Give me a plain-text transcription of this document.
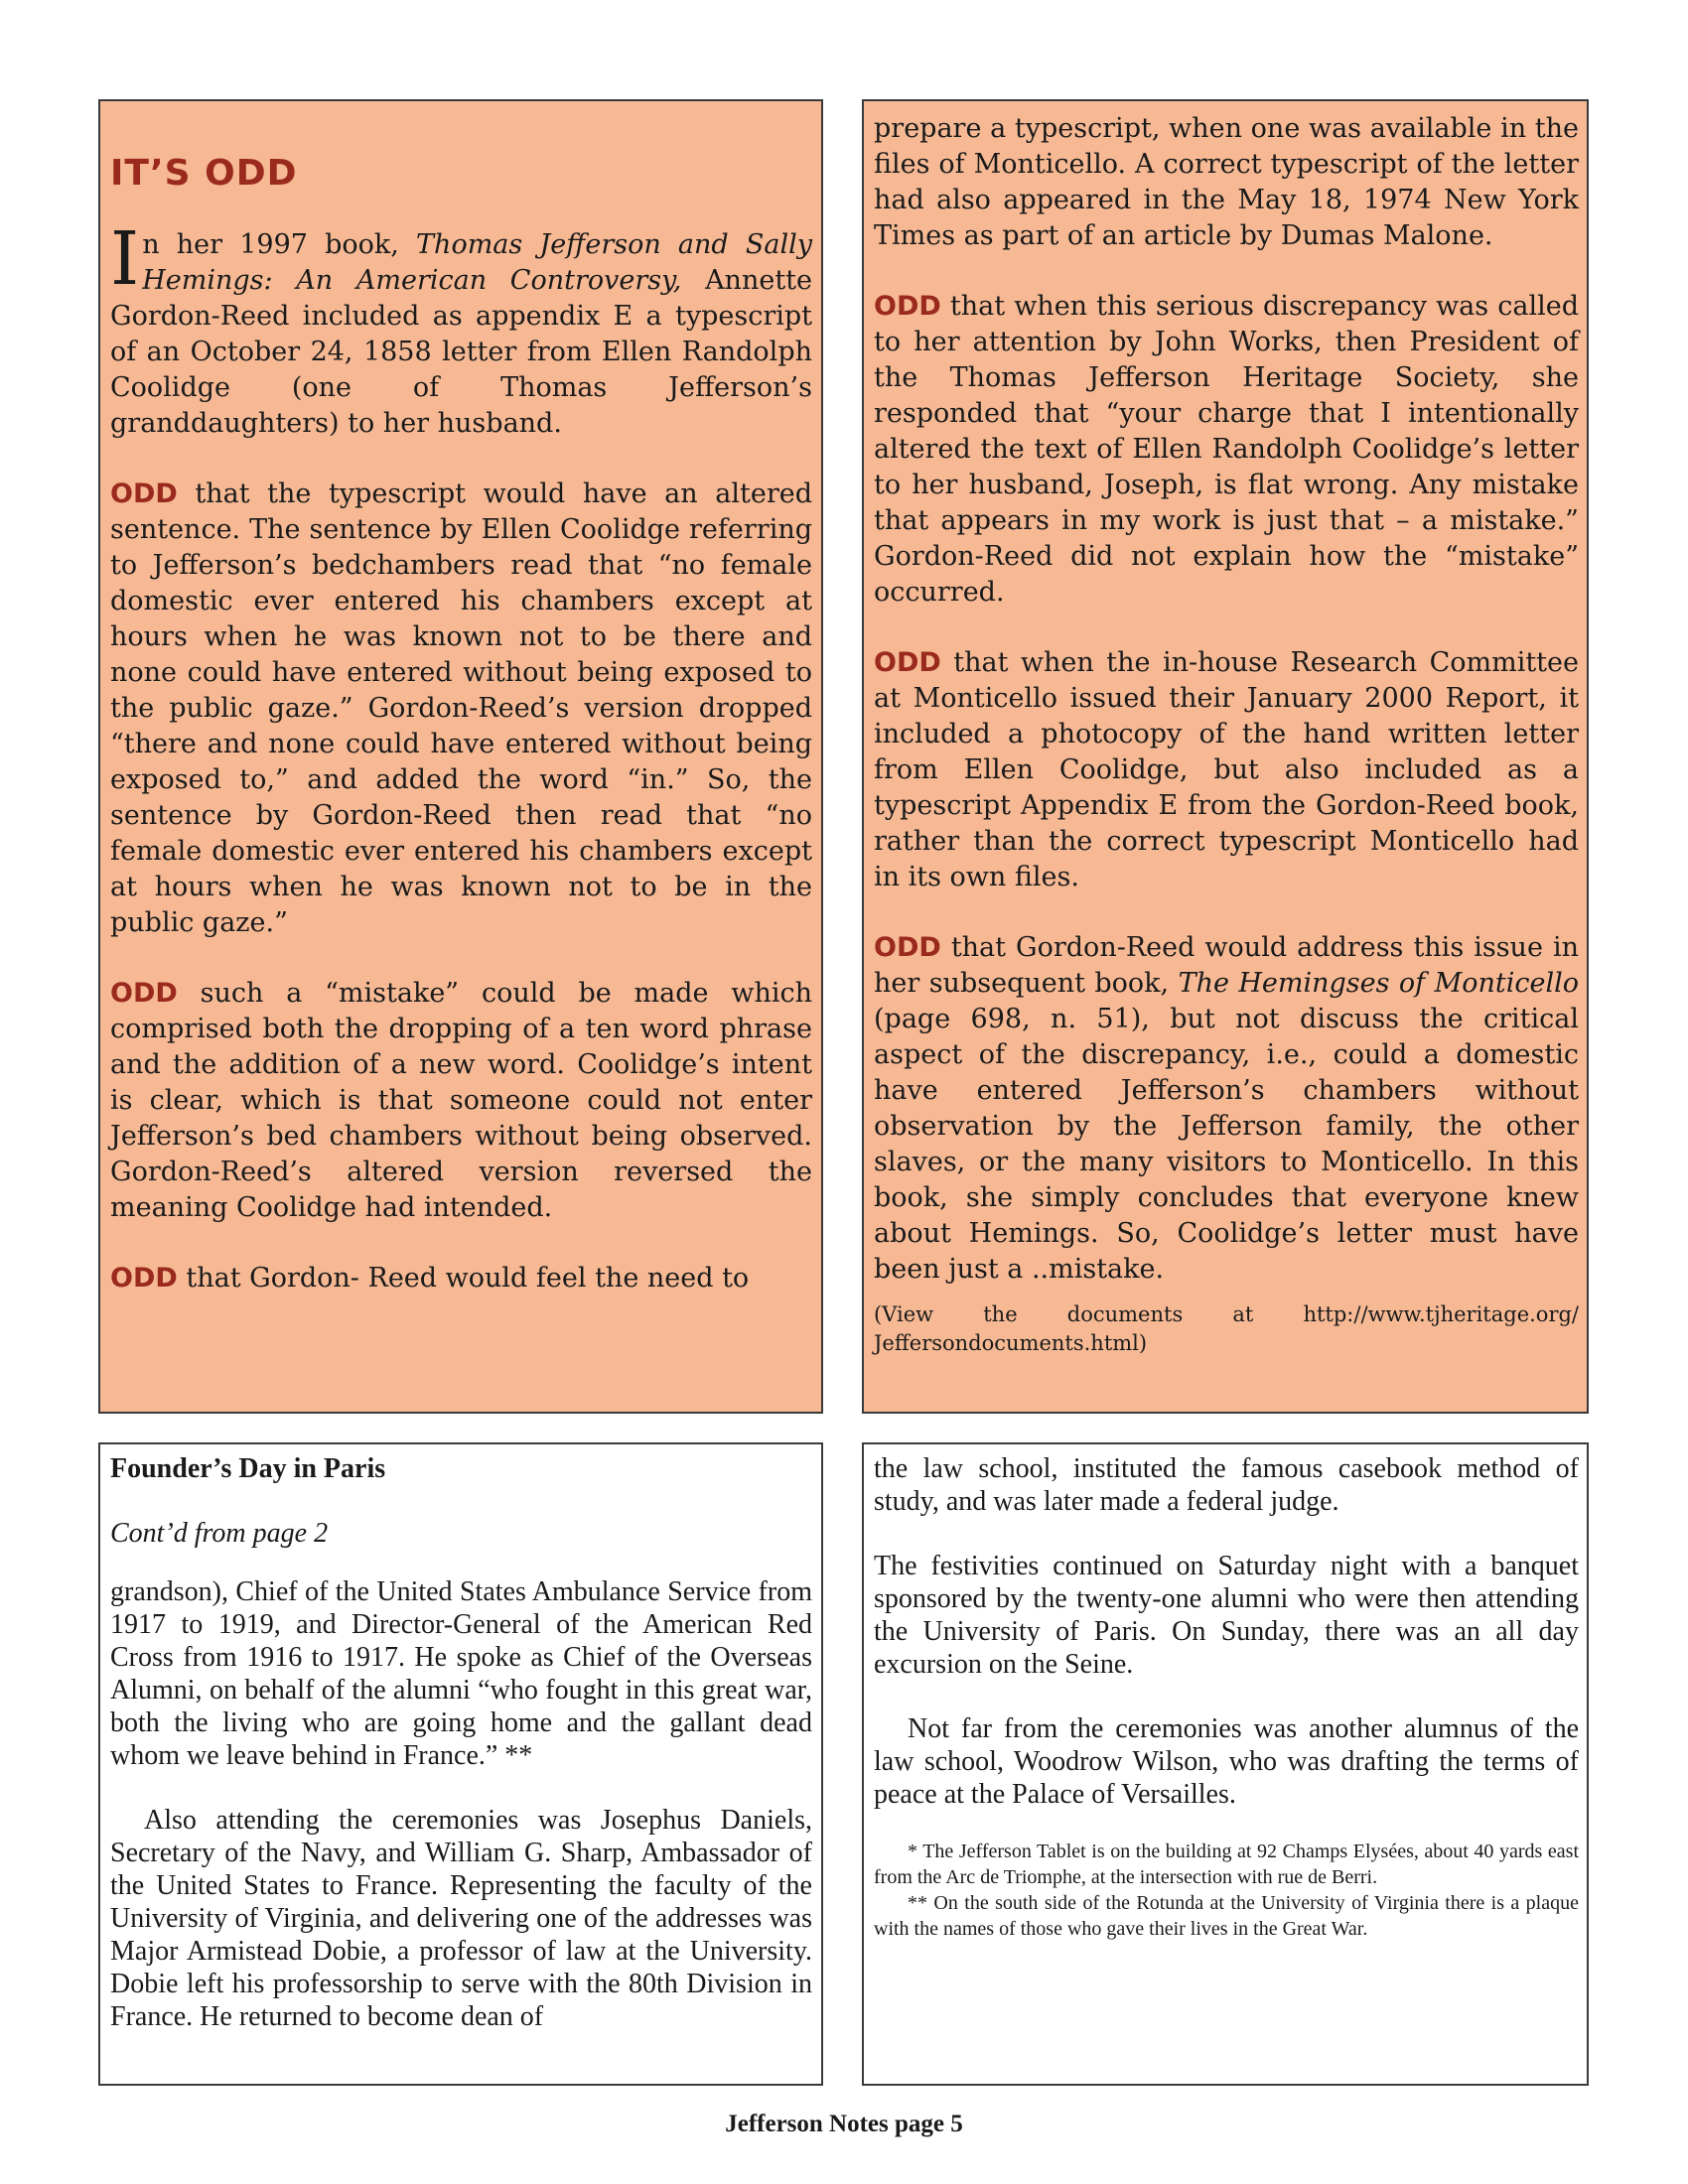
IT’S ODD

In her 1997 book, Thomas Jefferson and Sally Hemings: An American Controversy, Annette Gordon-Reed included as appendix E a typescript of an October 24, 1858 letter from Ellen Randolph Coolidge (one of Thomas Jefferson’s granddaughters) to her husband.

ODD that the typescript would have an altered sentence. The sentence by Ellen Coolidge referring to Jefferson’s bedchambers read that “no female domestic ever entered his chambers except at hours when he was known not to be there and none could have entered without being exposed to the public gaze.” Gordon-Reed’s version dropped “there and none could have entered without being exposed to,” and added the word “in.” So, the sentence by Gordon-Reed then read that “no female domestic ever entered his chambers except at hours when he was known not to be in the public gaze.”

ODD such a “mistake” could be made which comprised both the dropping of a ten word phrase and the addition of a new word. Coolidge’s intent is clear, which is that someone could not enter Jefferson’s bed chambers without being observed. Gordon-Reed’s altered version reversed the meaning Coolidge had intended.

ODD that Gordon- Reed would feel the need to

prepare a typescript, when one was available in the files of Monticello. A correct typescript of the letter had also appeared in the May 18, 1974 New York Times as part of an article by Dumas Malone.

ODD that when this serious discrepancy was called to her attention by John Works, then President of the Thomas Jefferson Heritage Society, she responded that “your charge that I intentionally altered the text of Ellen Randolph Coolidge’s letter to her husband, Joseph, is flat wrong. Any mistake that appears in my work is just that – a mistake.” Gordon-Reed did not explain how the “mistake” occurred.

ODD that when the in-house Research Committee at Monticello issued their January 2000 Report, it included a photocopy of the hand written letter from Ellen Coolidge, but also included as a typescript Appendix E from the Gordon-Reed book, rather than the correct typescript Monticello had in its own files.

ODD that Gordon-Reed would address this issue in her subsequent book, The Hemingses of Monticello (page 698, n. 51), but not discuss the critical aspect of the discrepancy, i.e., could a domestic have entered Jefferson’s chambers without observation by the Jefferson family, the other slaves, or the many visitors to Monticello. In this book, she simply concludes that everyone knew about Hemings. So, Coolidge’s letter must have been just a ..mistake.

(View the documents at http://www.tjheritage.org/ Jeffersondocuments.html)

Founder’s Day in Paris

Cont’d from page 2

grandson), Chief of the United States Ambulance Service from 1917 to 1919, and Director-General of the American Red Cross from 1916 to 1917. He spoke as Chief of the Overseas Alumni, on behalf of the alumni “who fought in this great war, both the living who are going home and the gallant dead whom we leave behind in France.” **

Also attending the ceremonies was Josephus Daniels, Secretary of the Navy, and William G. Sharp, Ambassador of the United States to France. Representing the faculty of the University of Virginia, and delivering one of the addresses was Major Armistead Dobie, a professor of law at the University. Dobie left his professorship to serve with the 80th Division in France. He returned to become dean of

the law school, instituted the famous casebook method of study, and was later made a federal judge.

The festivities continued on Saturday night with a banquet sponsored by the twenty-one alumni who were then attending the University of Paris. On Sunday, there was an all day excursion on the Seine.

Not far from the ceremonies was another alumnus of the law school, Woodrow Wilson, who was drafting the terms of peace at the Palace of Versailles.

* The Jefferson Tablet is on the building at 92 Champs Elysées, about 40 yards east from the Arc de Triomphe, at the intersection with rue de Berri.

** On the south side of the Rotunda at the University of Virginia there is a plaque with the names of those who gave their lives in the Great War.

Jefferson Notes page 5
